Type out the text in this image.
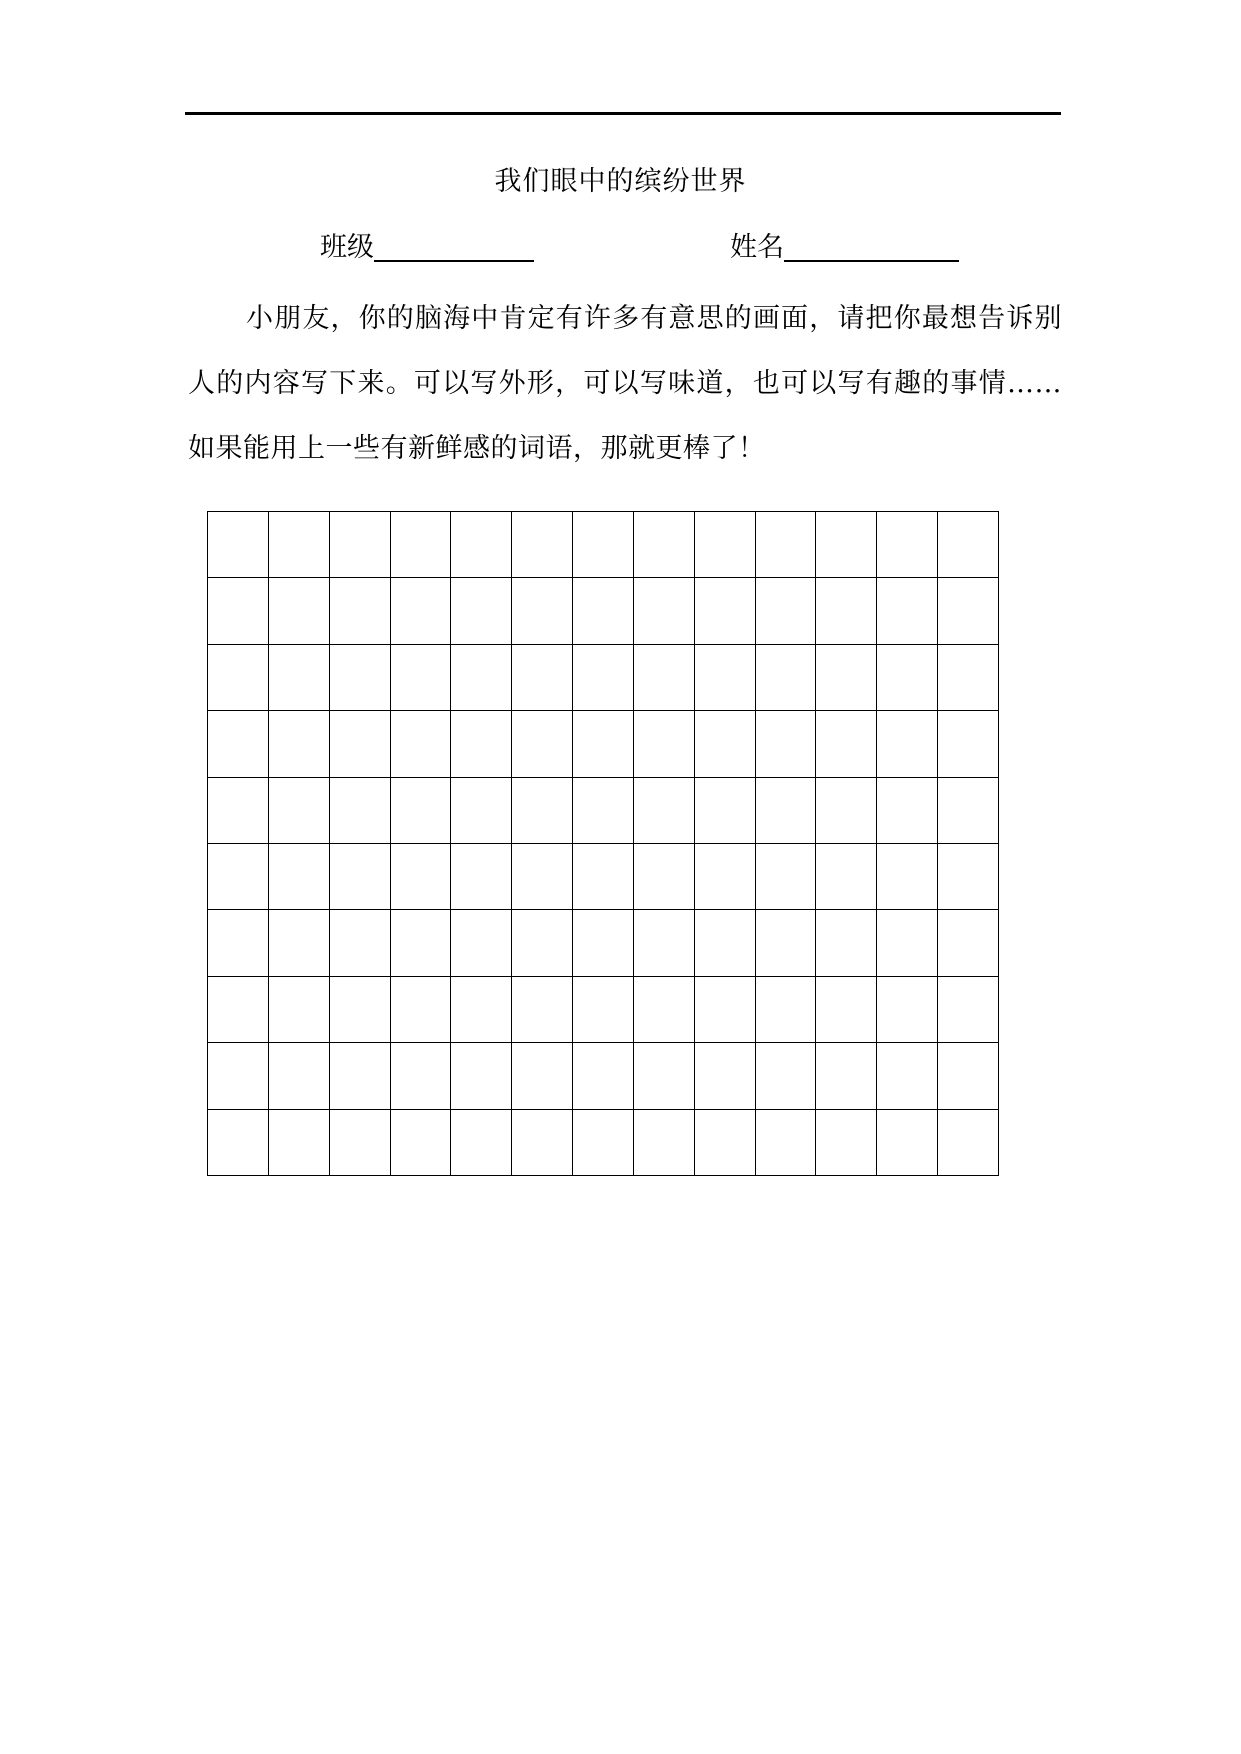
我们眼中的缤纷世界
班级	姓名
小朋友，你的脑海中肯定有许多有意思的画面，请把你最想告诉别人的内容写下来。可以写外形，可以写味道，也可以写有趣的事情……如果能用上一些有新鲜感的词语，那就更棒了！
